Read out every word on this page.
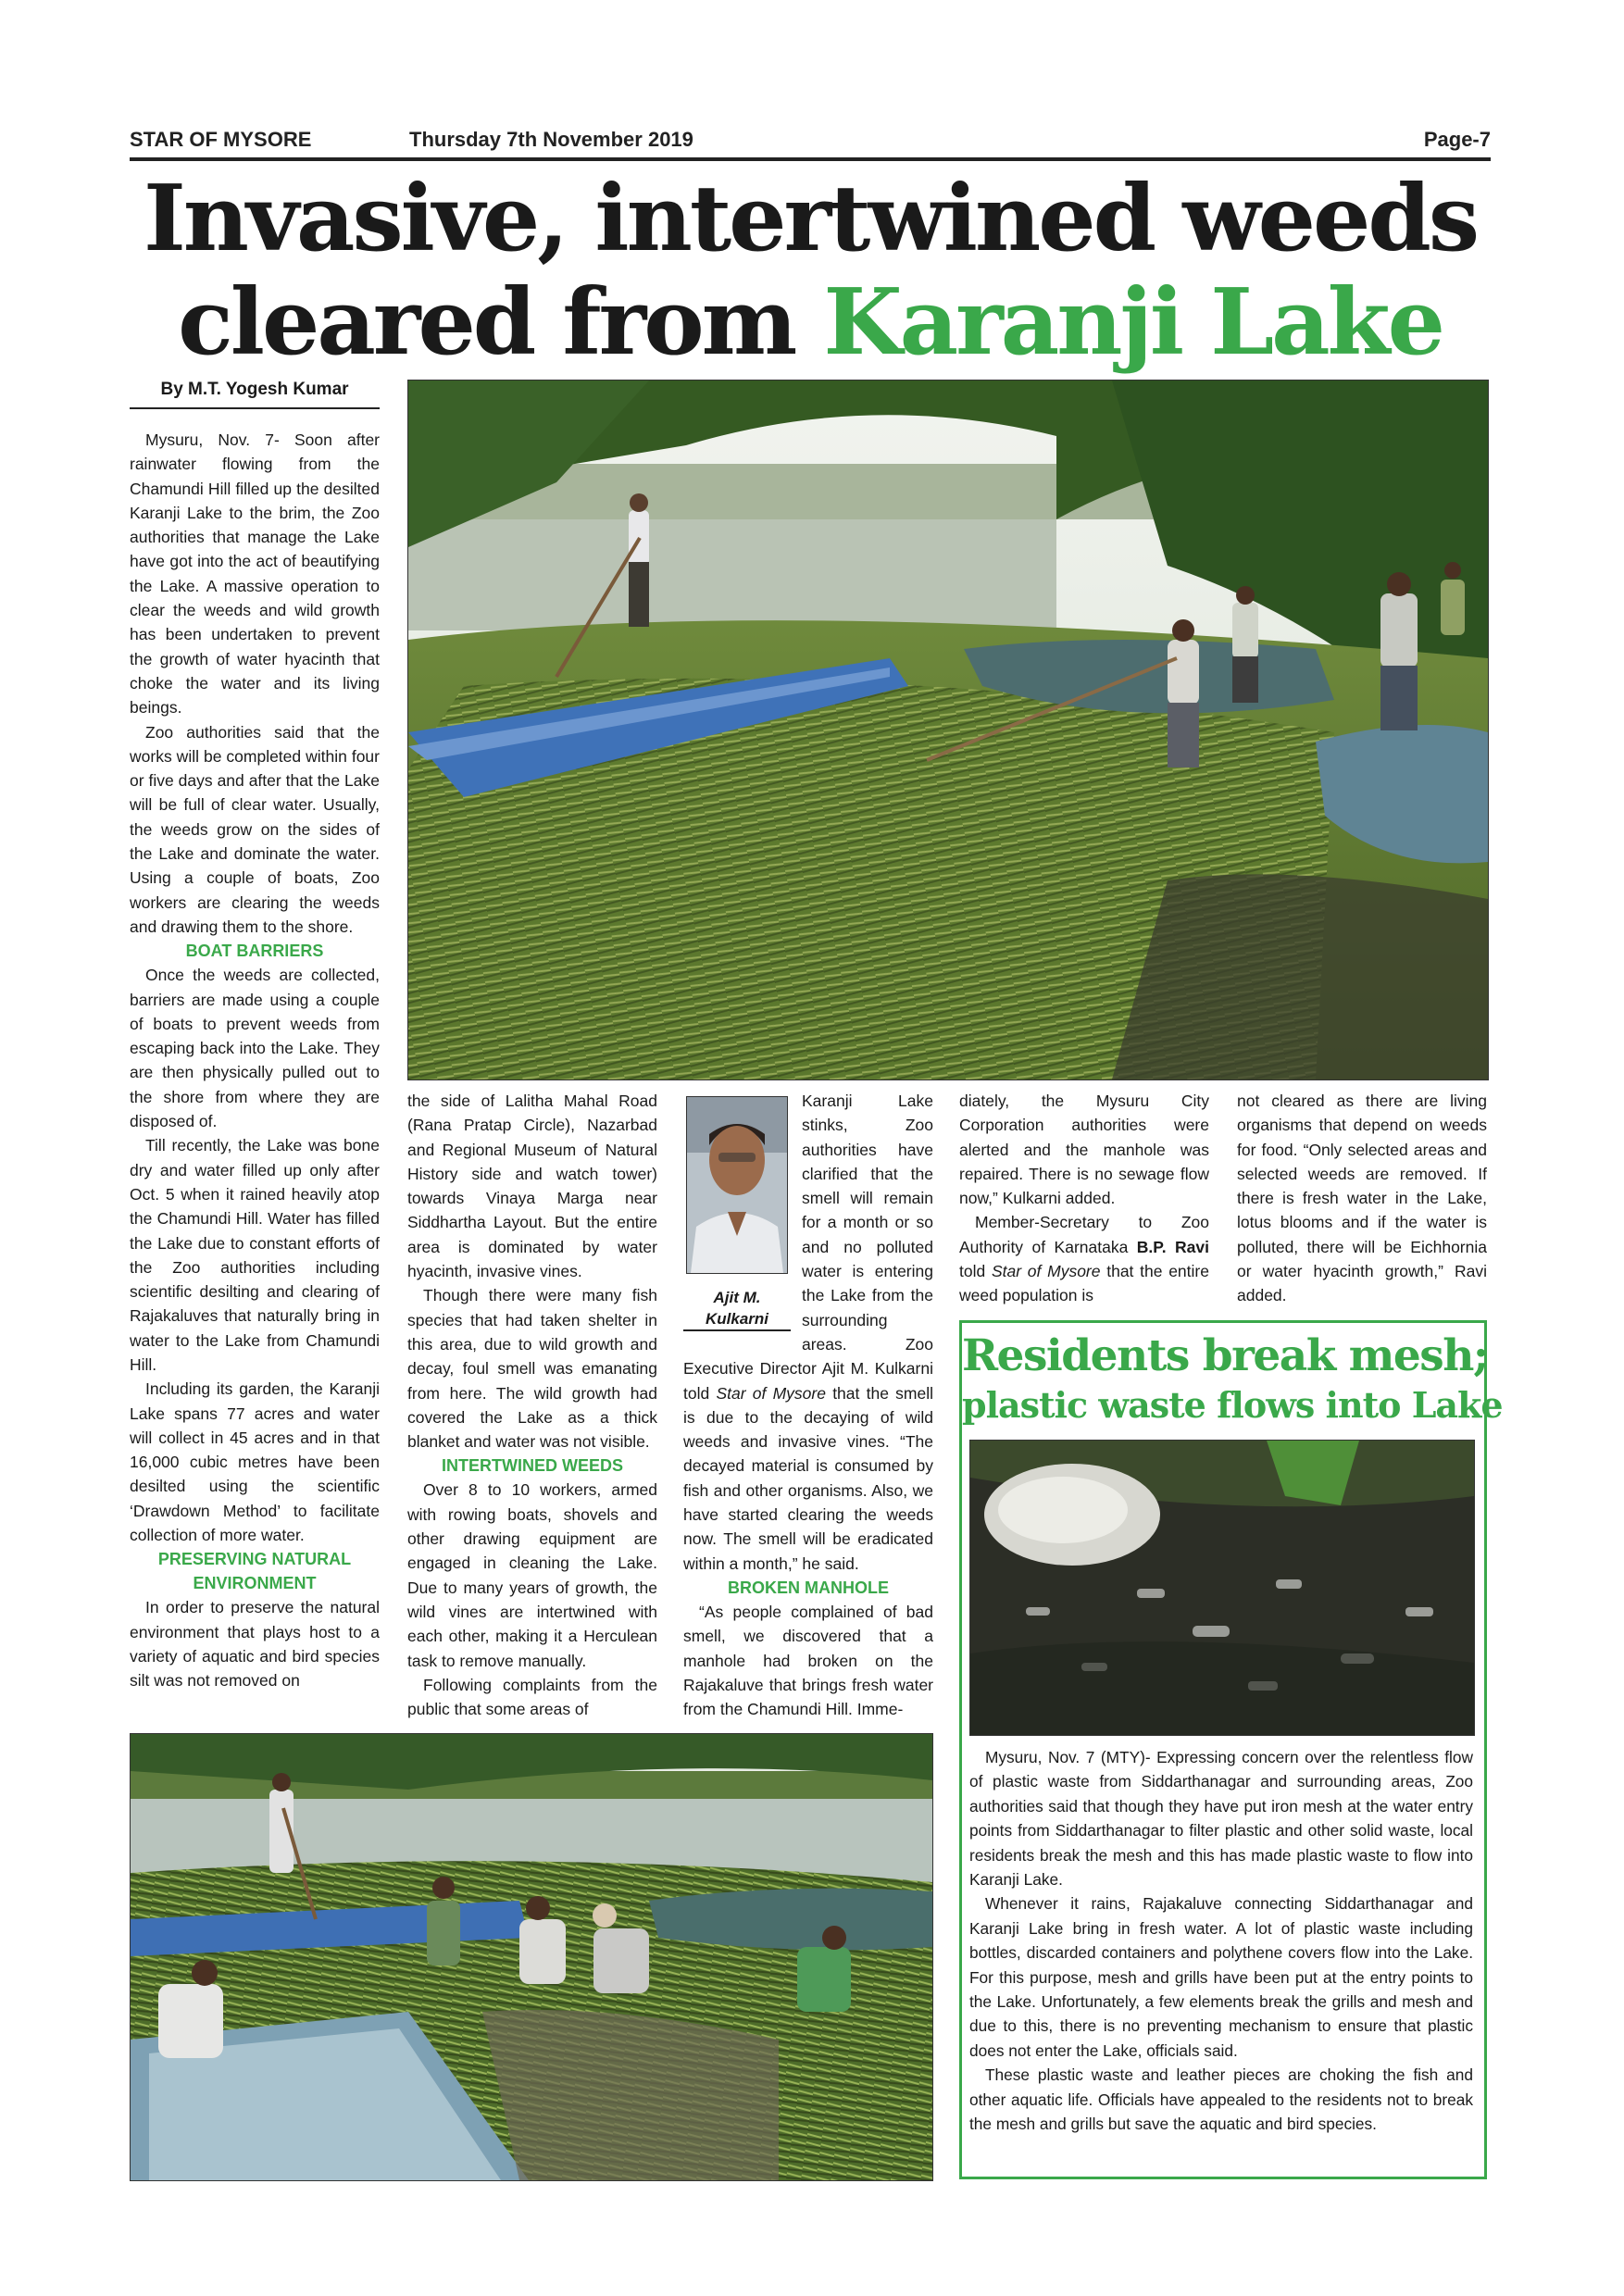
STAR OF MYSORE	Thursday 7th November 2019	Page-7
Invasive, intertwined weeds
cleared from Karanji Lake
By M.T. Yogesh Kumar

Mysuru, Nov. 7- Soon after rainwater flowing from the Chamundi Hill filled up the desilted Karanji Lake to the brim, the Zoo authorities that manage the Lake have got into the act of beautifying the Lake. A massive operation to clear the weeds and wild growth has been undertaken to prevent the growth of water hyacinth that choke the water and its living beings.

Zoo authorities said that the works will be completed within four or five days and after that the Lake will be full of clear water. Usually, the weeds grow on the sides of the Lake and dominate the water. Using a couple of boats, Zoo workers are clearing the weeds and drawing them to the shore.

BOAT BARRIERS

Once the weeds are collected, barriers are made using a couple of boats to prevent weeds from escaping back into the Lake. They are then physically pulled out to the shore from where they are disposed of.

Till recently, the Lake was bone dry and water filled up only after Oct. 5 when it rained heavily atop the Chamundi Hill. Water has filled the Lake due to constant efforts of the Zoo authorities including scientific desilting and clearing of Rajakaluves that naturally bring in water to the Lake from Chamundi Hill.

Including its garden, the Karanji Lake spans 77 acres and water will collect in 45 acres and in that 16,000 cubic metres have been desilted using the scientific ‘Drawdown Method’ to facilitate collection of more water.

PRESERVING NATURAL ENVIRONMENT

In order to preserve the natural environment that plays host to a variety of aquatic and bird species silt was not removed on

the side of Lalitha Mahal Road (Rana Pratap Circle), Nazarbad and Regional Museum of Natural History side and watch tower) towards Vinaya Marga near Siddhartha Layout. But the entire area is dominated by water hyacinth, invasive vines.

Though there were many fish species that had taken shelter in this area, due to wild growth and decay, foul smell was emanating from here. The wild growth had covered the Lake as a thick blanket and water was not visible.

INTERTWINED WEEDS

Over 8 to 10 workers, armed with rowing boats, shovels and other drawing equipment are engaged in cleaning the Lake. Due to many years of growth, the wild vines are intertwined with each other, making it a Herculean task to remove manually.

Following complaints from the public that some areas of

Ajit M. Kulkarni

Karanji Lake stinks, Zoo authorities have clarified that the smell will remain for a month or so and no polluted water is entering the Lake from the surrounding areas. Zoo Executive Director Ajit M. Kulkarni told Star of Mysore that the smell is due to the decaying of wild weeds and invasive vines. “The decayed material is consumed by fish and other organisms. Also, we have started clearing the weeds now. The smell will be eradicated within a month,” he said.

BROKEN MANHOLE

“As people complained of bad smell, we discovered that a manhole had broken on the Rajakaluve that brings fresh water from the Chamundi Hill. Imme-

diately, the Mysuru City Corporation authorities were alerted and the manhole was repaired. There is no sewage flow now,” Kulkarni added.

Member-Secretary to Zoo Authority of Karnataka B.P. Ravi told Star of Mysore that the entire weed population is

not cleared as there are living organisms that depend on weeds for food. “Only selected areas and selected weeds are removed. If there is fresh water in the Lake, lotus blooms and if the water is polluted, there will be Eichhornia or water hyacinth growth,” Ravi added.

Residents break mesh;
plastic waste flows into Lake

Mysuru, Nov. 7 (MTY)- Expressing concern over the relentless flow of plastic waste from Siddarthanagar and surrounding areas, Zoo authorities said that though they have put iron mesh at the water entry points from Siddarthanagar to filter plastic and other solid waste, local residents break the mesh and this has made plastic waste to flow into Karanji Lake.

Whenever it rains, Rajakaluve connecting Siddarthanagar and Karanji Lake bring in fresh water. A lot of plastic waste including bottles, discarded containers and polythene covers flow into the Lake. For this purpose, mesh and grills have been put at the entry points to the Lake. Unfortunately, a few elements break the grills and mesh and due to this, there is no preventing mechanism to ensure that plastic does not enter the Lake, officials said.

These plastic waste and leather pieces are choking the fish and other aquatic life. Officials have appealed to the residents not to break the mesh and grills but save the aquatic and bird species.
